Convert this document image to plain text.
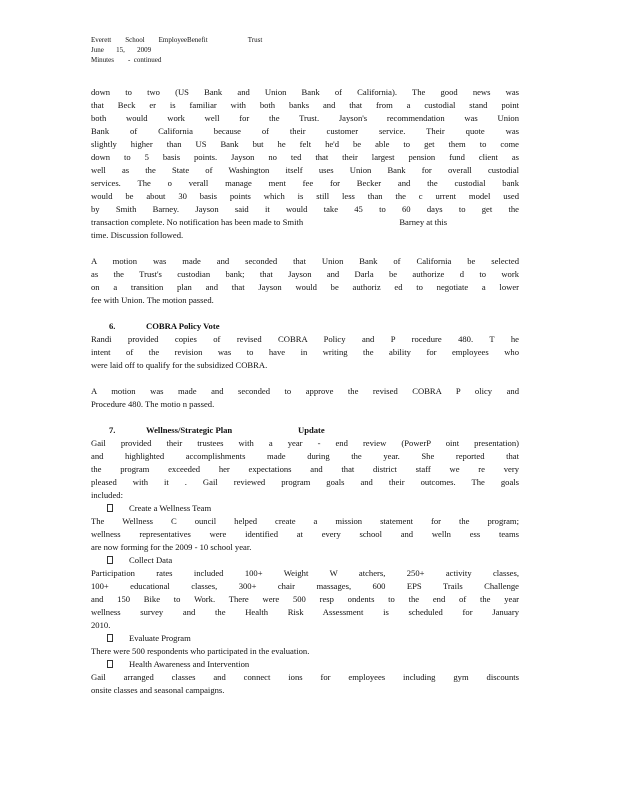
Everett        School        EmployeeBenefit                       Trust
June       15,       2009
Minutes        -  continued
down to two (US Bank and Union Bank of California). The good news was
that Beck er is familiar with both banks and that from a custodial stand point
both would work well for the Trust. Jayson's recommendation was Union
Bank of California because of their customer service. Their quote was
slightly higher than US Bank but he felt he'd be able to get them to come
down to 5 basis points. Jayson no ted that their largest pension fund client as
well as the State of Washington itself uses Union Bank for overall custodial
services. The o verall manage ment fee for Becker and the custodial bank
would be about 30 basis points which is still less than the c urrent model used
by Smith Barney. Jayson said it would take 45 to 60 days to get the
transaction complete. No notification has been made to Smith	Barney at this
time. Discussion followed.
A motion was made and seconded that Union Bank of California be selected
as the Trust's custodian bank; that Jayson and Darla be authorize d to work
on a transition plan and that Jayson would be authoriz ed to negotiate a lower
fee with Union. The motion passed.
6.	COBRA Policy Vote
Randi provided copies of revised COBRA Policy and P rocedure 480. T he
intent of the revision was to have in writing the ability for employees who
were laid off to qualify for the subsidized COBRA.
A motion was made and seconded to approve the revised COBRA P olicy and
Procedure 480. The motio n passed.
7.	Wellness/Strategic Plan	Update
Gail provided their trustees with a year - end review (PowerP oint presentation)
and highlighted accomplishments made during the year. She reported that
the program exceeded her expectations and that district staff we re very
pleased with it . Gail reviewed program goals and their outcomes. The goals
included:
Create a Wellness Team
The Wellness C ouncil helped create a mission statement for the program;
wellness representatives were identified at every school and welln ess teams
are now forming for the 2009 - 10 school year.
Collect Data
Participation rates included 100+ Weight W atchers, 250+ activity classes,
100+ educational classes, 300+ chair massages, 600 EPS Trails Challenge
and 150 Bike to Work. There were 500 resp ondents to the end of the year
wellness survey and the Health Risk Assessment is scheduled for January
2010.
Evaluate Program
There were 500 respondents who participated in the evaluation.
Health Awareness and Intervention
Gail arranged classes and connect ions for employees including gym discounts
onsite classes and seasonal campaigns.
